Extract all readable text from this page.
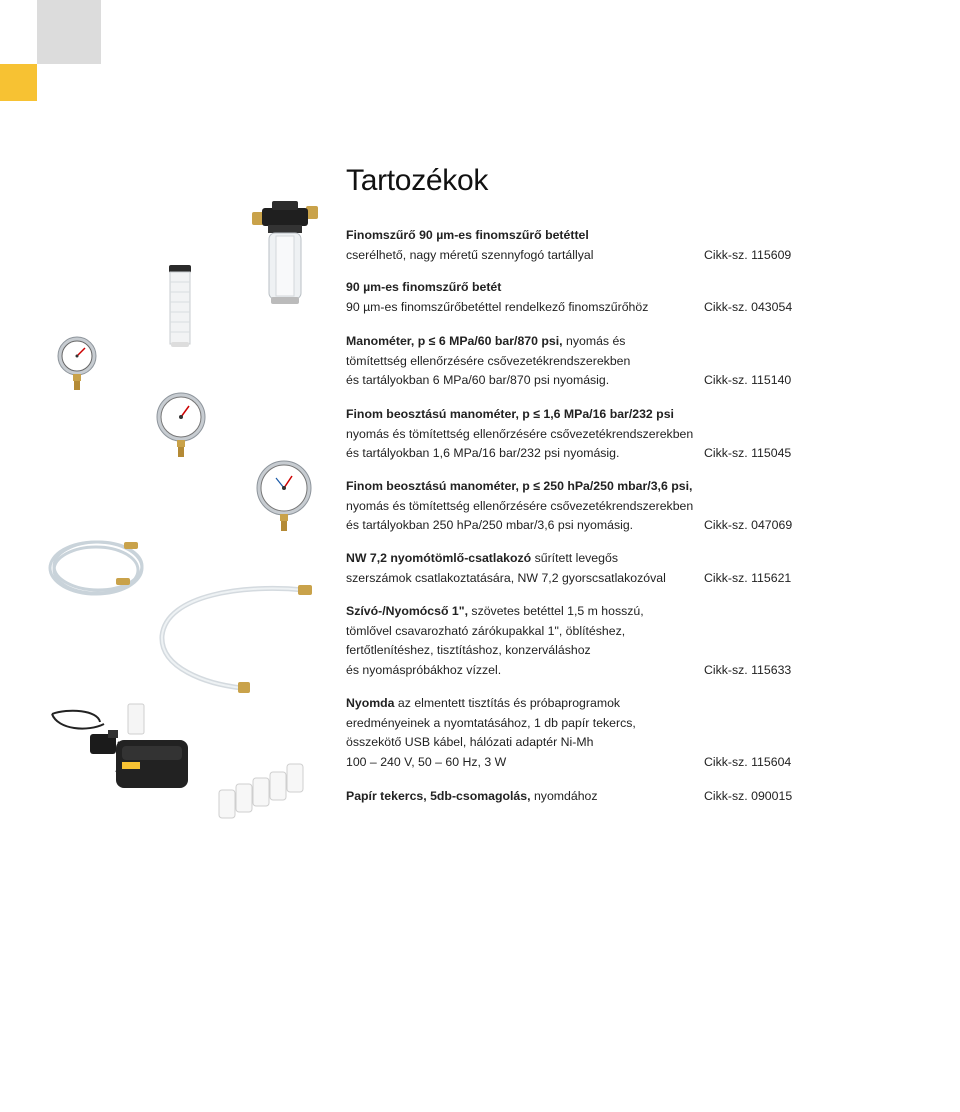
Tartozékok
Finomszűrő 90 µm-es finomszűrő betéttel
cserélhető, nagy méretű szennyfogó tartállyal	Cikk-sz. 115609
90 µm-es finomszűrő betét
90 µm-es finomszűrőbetéttel rendelkező finomszűrőhöz	Cikk-sz. 043054
Manométer, p ≤ 6 MPa/60 bar/870 psi, nyomás és
tömítettség ellenőrzésére csővezetékrendszerekben
és tartályokban 6 MPa/60 bar/870 psi nyomásig.	Cikk-sz. 115140
Finom beosztású manométer, p ≤ 1,6 MPa/16 bar/232 psi
nyomás és tömítettség ellenőrzésére csővezetékrendszerekben
és tartályokban 1,6 MPa/16 bar/232 psi nyomásig.	Cikk-sz. 115045
Finom beosztású manométer, p ≤ 250 hPa/250 mbar/3,6 psi,
nyomás és tömítettség ellenőrzésére csővezetékrendszerekben
és tartályokban 250 hPa/250 mbar/3,6 psi nyomásig.	Cikk-sz. 047069
NW 7,2 nyomótömlő-csatlakozó sűrített levegős
szerszámok csatlakoztatására, NW 7,2 gyorscsatlakozóval	Cikk-sz. 115621
Szívó-/Nyomócső 1", szövetes betéttel 1,5 m hosszú,
tömlővel csavarozható zárókupakkal 1", öblítéshez,
fertőtlenítéshez, tisztításhoz, konzerváláshoz
és nyomáspróbákhoz vízzel.	Cikk-sz. 115633
Nyomda az elmentett tisztítás és próbaprogramok
eredményeinek a nyomtatásához, 1 db papír tekercs,
összekötő USB kábel, hálózati adaptér Ni-Mh
100 – 240 V, 50 – 60 Hz, 3 W	Cikk-sz. 115604
Papír tekercs, 5db-csomagolás, nyomdához	Cikk-sz. 090015
